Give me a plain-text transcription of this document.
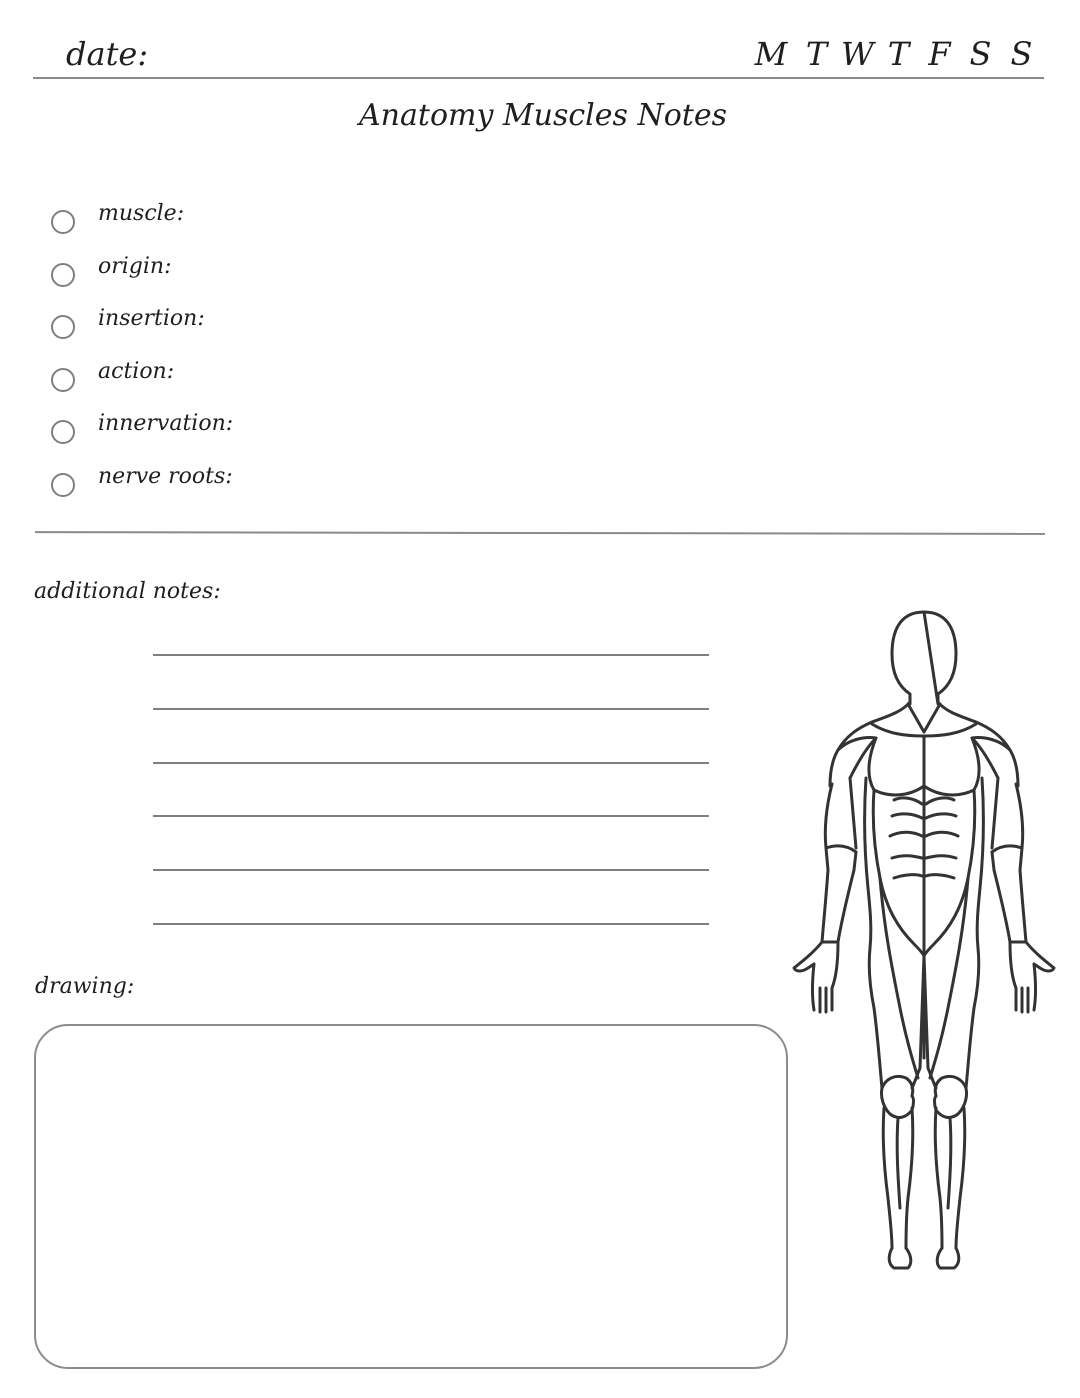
date:	M T W T F S S
Anatomy Muscles Notes
muscle:
origin:
insertion:
action:
innervation:
nerve roots:
additional notes:
drawing:
